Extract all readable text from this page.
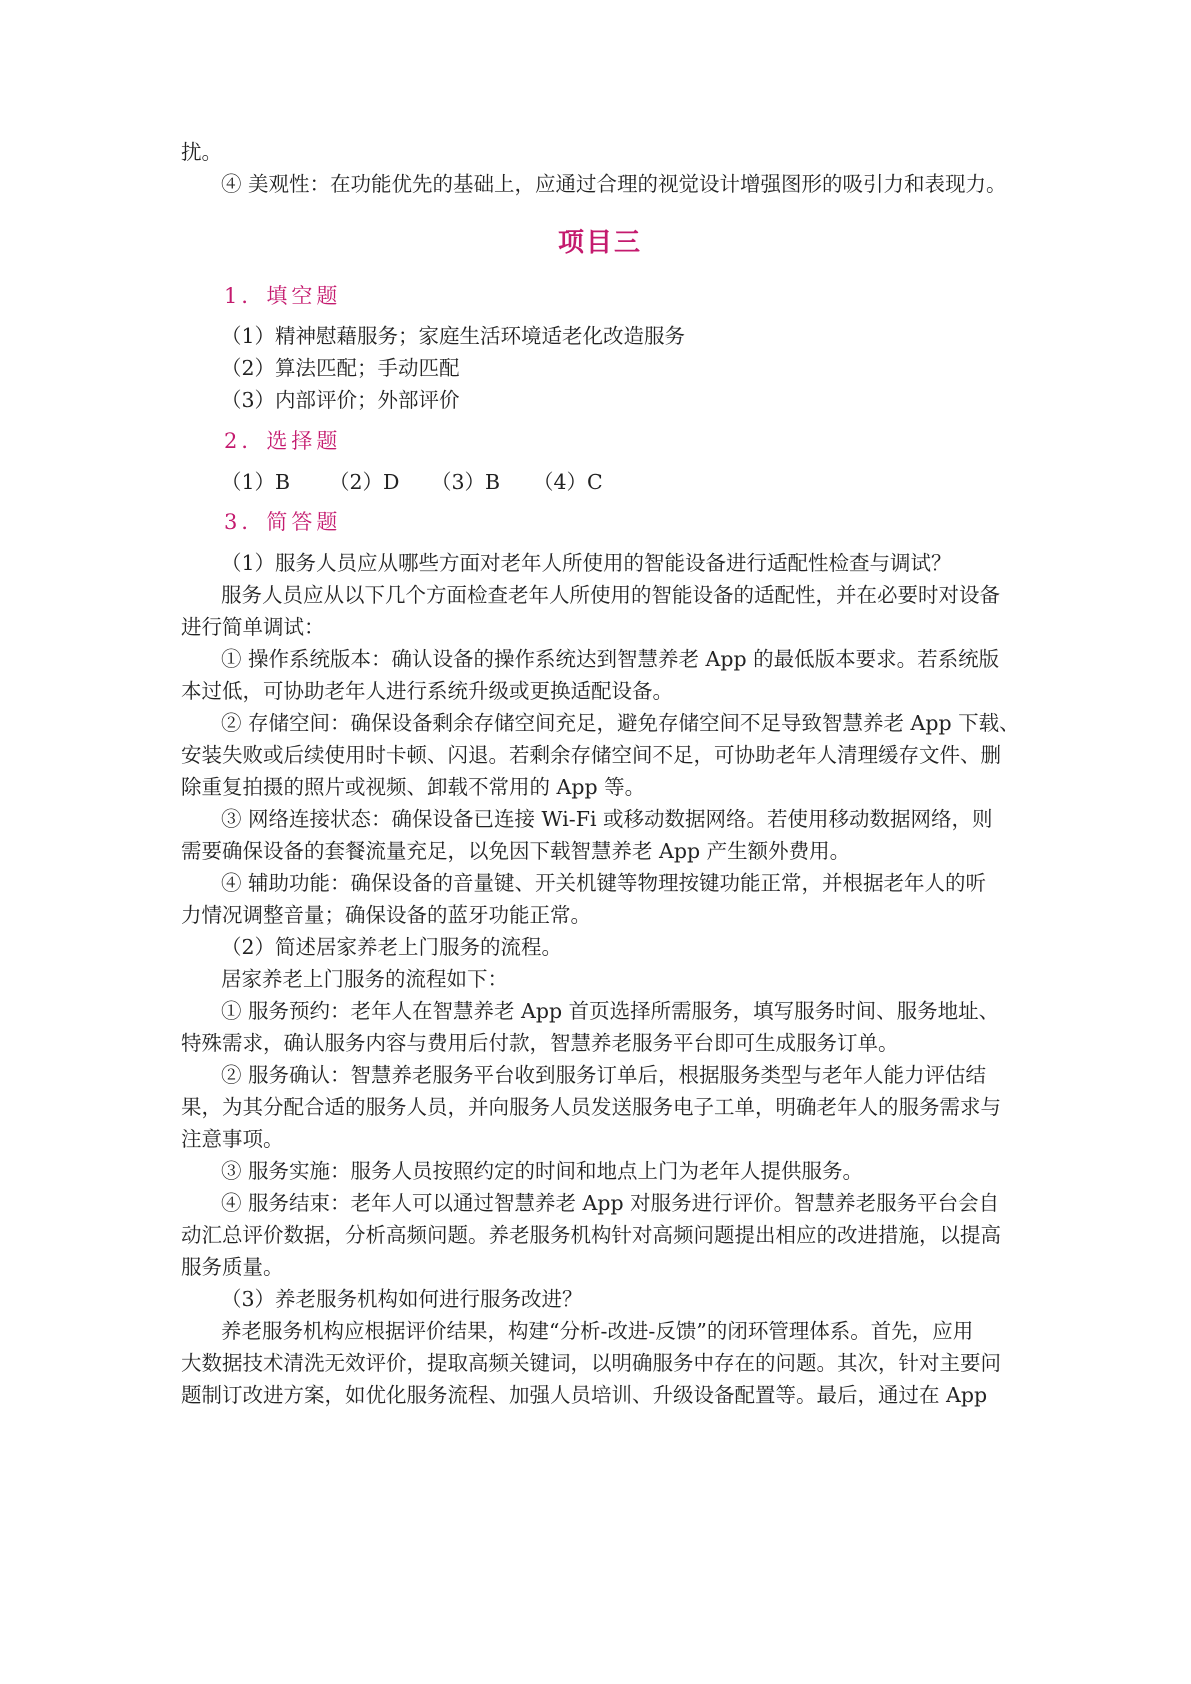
扰。
④ 美观性：在功能优先的基础上，应通过合理的视觉设计增强图形的吸引力和表现力。
项目三
1．填空题
（1）精神慰藉服务；家庭生活环境适老化改造服务
（2）算法匹配；手动匹配
（3）内部评价；外部评价
2．选择题
（1）B （2）D （3）B （4）C
3．简答题
（1）服务人员应从哪些方面对老年人所使用的智能设备进行适配性检查与调试？
服务人员应从以下几个方面检查老年人所使用的智能设备的适配性，并在必要时对设备
进行简单调试：
① 操作系统版本：确认设备的操作系统达到智慧养老 App 的最低版本要求。若系统版
本过低，可协助老年人进行系统升级或更换适配设备。
② 存储空间：确保设备剩余存储空间充足，避免存储空间不足导致智慧养老 App 下载、
安装失败或后续使用时卡顿、闪退。若剩余存储空间不足，可协助老年人清理缓存文件、删
除重复拍摄的照片或视频、卸载不常用的 App 等。
③ 网络连接状态：确保设备已连接 Wi-Fi 或移动数据网络。若使用移动数据网络，则
需要确保设备的套餐流量充足，以免因下载智慧养老 App 产生额外费用。
④ 辅助功能：确保设备的音量键、开关机键等物理按键功能正常，并根据老年人的听
力情况调整音量；确保设备的蓝牙功能正常。
（2）简述居家养老上门服务的流程。
居家养老上门服务的流程如下：
① 服务预约：老年人在智慧养老 App 首页选择所需服务，填写服务时间、服务地址、
特殊需求，确认服务内容与费用后付款，智慧养老服务平台即可生成服务订单。
② 服务确认：智慧养老服务平台收到服务订单后，根据服务类型与老年人能力评估结
果，为其分配合适的服务人员，并向服务人员发送服务电子工单，明确老年人的服务需求与
注意事项。
③ 服务实施：服务人员按照约定的时间和地点上门为老年人提供服务。
④ 服务结束：老年人可以通过智慧养老 App 对服务进行评价。智慧养老服务平台会自
动汇总评价数据，分析高频问题。养老服务机构针对高频问题提出相应的改进措施，以提高
服务质量。
（3）养老服务机构如何进行服务改进？
养老服务机构应根据评价结果，构建“分析-改进-反馈”的闭环管理体系。首先，应用
大数据技术清洗无效评价，提取高频关键词，以明确服务中存在的问题。其次，针对主要问
题制订改进方案，如优化服务流程、加强人员培训、升级设备配置等。最后，通过在 App
